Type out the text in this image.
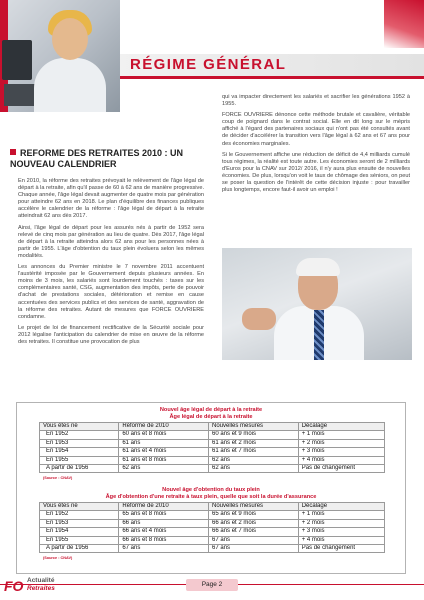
RÉGIME GÉNÉRAL
REFORME DES RETRAITES 2010 : UN NOUVEAU CALENDRIER

En 2010, la réforme des retraites prévoyait le relèvement de l'âge légal de départ à la retraite, afin qu'il passe de 60 à 62 ans de manière progressive. Chaque année, l'âge légal devait augmenter de quatre mois par génération pour atteindre 62 ans en 2018. Le plan d'équilibre des finances publiques accélère le calendrier de la réforme : l'âge légal de départ à la retraite atteindrait 62 ans dès 2017.

Ainsi, l'âge légal de départ pour les assurés nés à partir de 1952 sera relevé de cinq mois par génération au lieu de quatre. Dès 2017, l'âge légal de départ à la retraite atteindra alors 62 ans pour les personnes nées à partir de 1955. L'âge d'obtention du taux plein évoluera selon les mêmes modalités.

Les annonces du Premier ministre le 7 novembre 2011 accentuent l'austérité imposée par le Gouvernement depuis plusieurs années. En moins de 3 mois, les salariés sont lourdement touchés : taxes sur les complémentaires santé, CSG, augmentation des impôts, perte de pouvoir d'achat de prestations sociales, détérioration et remise en cause accentuées des services publics et des services de santé, aggravation de la réforme des retraites. Autant de mesures que FORCE OUVRIERE condamne.

Le projet de loi de financement rectificative de la Sécurité sociale pour 2012 légalise l'anticipation du calendrier de mise en œuvre de la réforme des retraites. Il constitue une provocation de plus

qui va impacter directement les salariés et sacrifier les générations 1952 à 1955.

FORCE OUVRIERE dénonce cette méthode brutale et cavalière, véritable coup de poignard dans le contrat social. Elle en dit long sur le mépris affiché à l'égard des partenaires sociaux qui n'ont pas été consultés avant de décider d'accélérer la transition vers l'âge légal à 62 ans et 67 ans pour des économies marginales.

Si le Gouvernement affiche une réduction de déficit de 4,4 milliards cumulé tous régimes, la réalité est toute autre. Les économies seront de 2 milliards d'Euros pour la CNAV sur 2012/ 2016, il n'y aura plus ensuite de nouvelles économies. De plus, lorsqu'on voit le taux de chômage des séniors, on peut se poser la question de l'intérêt de cette décision injuste : pour travailler plus longtemps, encore faut-il avoir un emploi !

Nouvel âge légal de départ à la retraite
Âge légal de départ à la retraite
Vous êtes né	Réforme de 2010	Nouvelles mesures	Décalage
En 1952	60 ans et 8 mois	60 ans et 9 mois	+ 1 mois
En 1953	61 ans	61 ans et 2 mois	+ 2 mois
En 1954	61 ans et 4 mois	61 ans et 7 mois	+ 3 mois
En 1955	61 ans et 8 mois	62 ans	+ 4 mois
A partir de 1956	62 ans	62 ans	Pas de changement
(Source : CNAV)
Nouvel âge d'obtention du taux plein
Âge d'obtention d'une retraite à taux plein, quelle que soit la durée d'assurance
Vous êtes né	Réforme de 2010	Nouvelles mesures	Décalage
En 1952	65 ans et 8 mois	65 ans et 9 mois	+ 1 mois
En 1953	66 ans	66 ans et 2 mois	+ 2 mois
En 1954	66 ans et 4 mois	66 ans et 7 mois	+ 3 mois
En 1955	66 ans et 8 mois	67 ans	+ 4 mois
A partir de 1956	67 ans	67 ans	Pas de changement
(Source : CNAV)
FO Actualité
Retraites
Page 2
